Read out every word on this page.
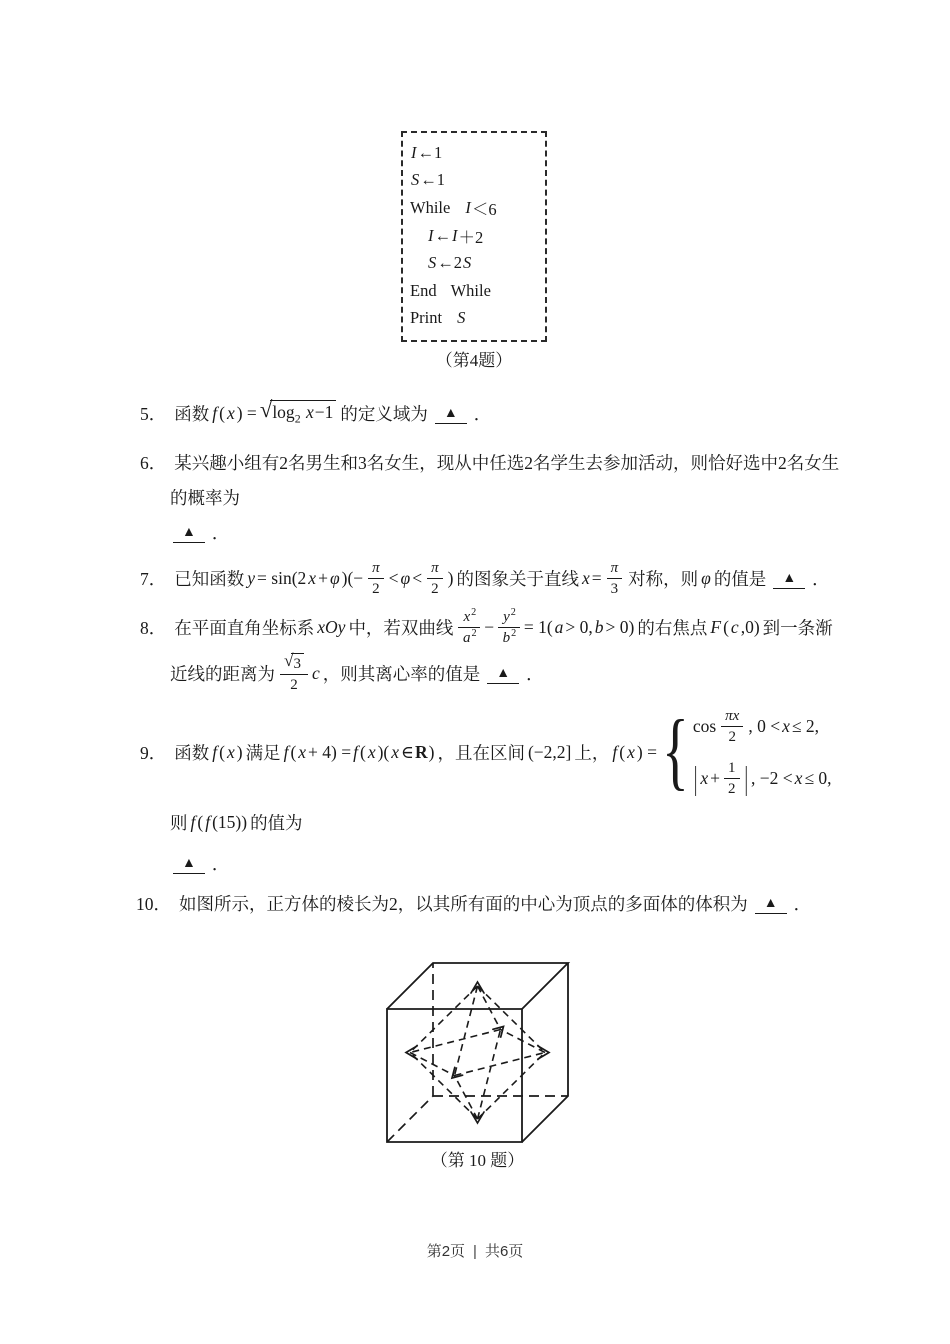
I ←1
S ←1
While I ＜6
I ← I ＋2
S ←2 S
End While
Print S
（第4题）
5． 函数 f ( x ) = √ $\log_2 x-1$ 的定义域为	▲ ．
6． 某兴趣小组有2名男生和3名女生，现从中任选2名学生去参加活动，则恰好选中2名女生
的概率为
▲ ．
7． 已知函数 y = sin(2 x + φ )(− $\frac{\pi}{2} < \varphi < \frac{\pi}{2}$ ) 的图象关于直线 $x = \frac{\pi}{3}$ 对称，则 φ 的值是	▲ ．
8． 在平面直角坐标系 xOy 中，若双曲线 $\frac{x^2}{a^2} - \frac{y^2}{b^2} = 1$( a > 0, b > 0) 的右焦点 F ( c ,0) 到一条渐
近线的距离为 $\frac{√ 3}{2}$ c ，则其离心率的值是	▲ ．
9． 函数 f ( x ) 满足 f ( x + 4) = f ( x )( x ∈ R ) ，且在区间 (−2,2] 上， f ( x ) = { $\cos \frac{\pi x}{2}$ , 0 < x ≤ 2,
| $x + \frac{1}{2}$ | , −2 < x ≤ 0,
则 f ( f (15)) 的值为
▲ ．
10． 如图所示，正方体的棱长为2，以其所有面的中心为顶点的多面体的体积为	▲ ．
（第 10 题）
第2页 | 共6页
